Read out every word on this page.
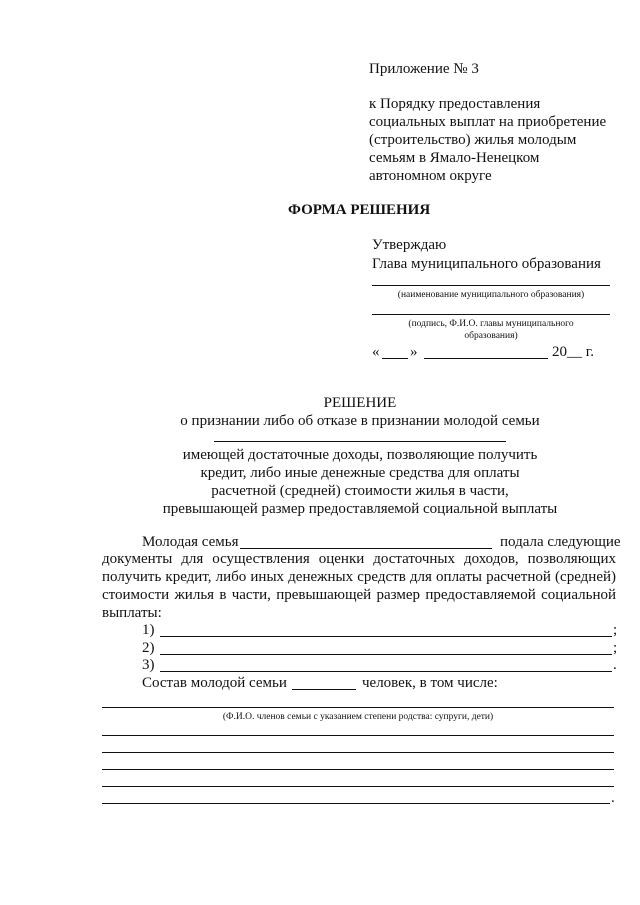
Приложение № 3
к Порядку предоставления
социальных выплат на приобретение
(строительство) жилья молодым
семьям в Ямало-Ненецком
автономном округе
ФОРМА РЕШЕНИЯ
Утверждаю
Глава муниципального образования
(наименование муниципального образования)
(подпись, Ф.И.О. главы муниципального
образования)
« »	20__ г.
РЕШЕНИЕ
о признании либо об отказе в признании молодой семьи
имеющей достаточные доходы, позволяющие получить
кредит, либо иные денежные средства для оплаты
расчетной (средней) стоимости жилья в части,
превышающей размер предоставляемой социальной выплаты
Молодая семья	подала следующие
документы для осуществления оценки достаточных доходов, позволяющих
получить кредит, либо иных денежных средств для оплаты расчетной (средней)
стоимости жилья в части, превышающей размер предоставляемой социальной
выплаты:
1)	;
2)	;
3)	.
Состав молодой семьи	человек, в том числе:
(Ф.И.О. членов семьи с указанием степени родства: супруги, дети)
.
